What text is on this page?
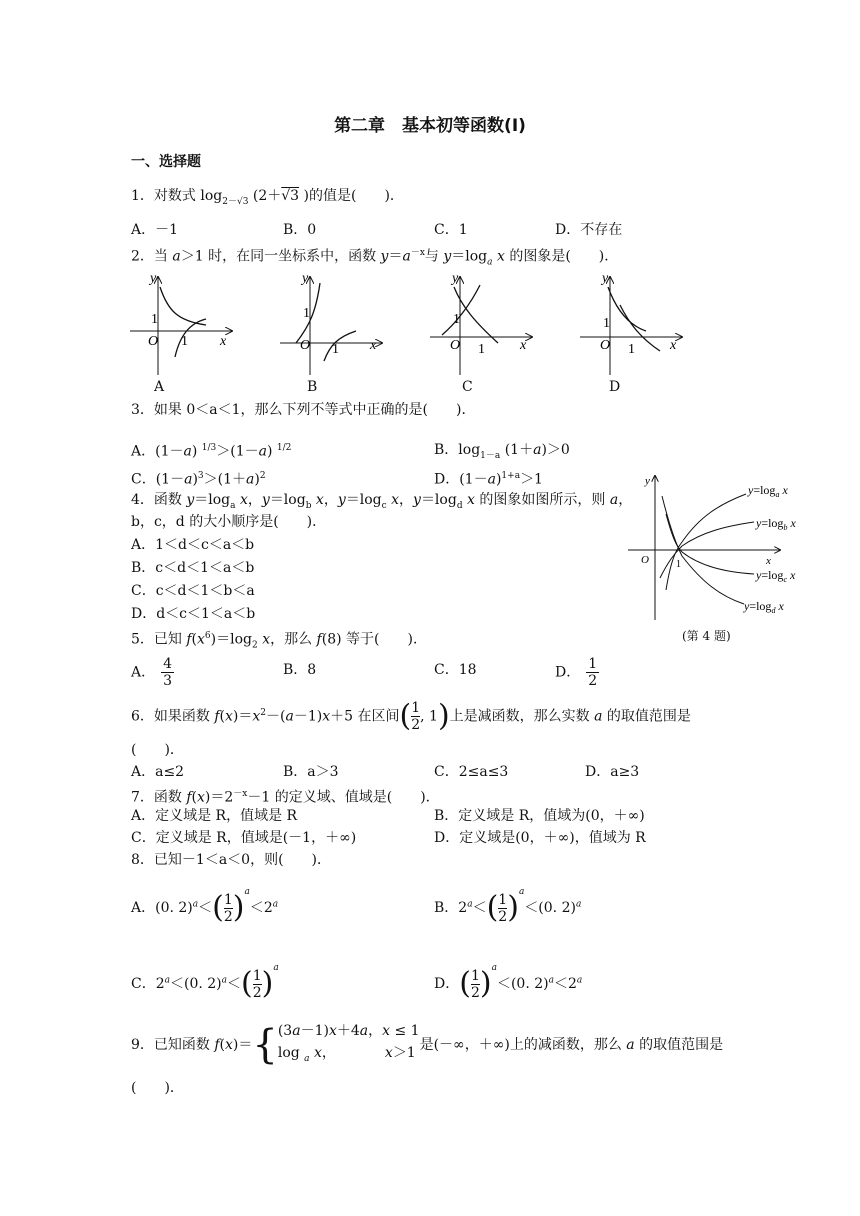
第二章　基本初等函数(Ⅰ)
一、选择题
1．对数式 $\log_{2-√3} (2+√3$ )的值是(　　)．
A．－1	B．0	C．1	D．不存在
2．当 a＞1 时，在同一坐标系中，函数 $y=a^{-x}$与 $y=\log_a$ x 的图象是(　　)．
y
x
O 1
1
y
x
O 1
1
y
x
O 1
1
y
x
O 1
1
A	B	C	D
3．如果 0＜a＜1，那么下列不等式中正确的是(　　)．
A．(1－a) $^{1/3}$＞(1－a) $^{1/2}$	B．$\log_{1-a} (1+a)>0$
C．$(1-a)^3>(1+a)^2$	D．$(1-a)^{1+a}>1$
4．函数 $y=\log_a$ x，$y=\log_b$ x，$y=\log_c$ x，$y=\log_d$ x 的图象如图所示，则 a，
b，c，d 的大小顺序是(　　)．
A．1＜d＜c＜a＜b
B．c＜d＜1＜a＜b
C．c＜d＜1＜b＜a
D．d＜c＜1＜a＜b
y
x
O	1
$y=\log_a$ x
$y=\log_b$ x
$y=\log_c$ x
$y=\log_d$ x
(第 4 题)
5．已知 $f(x^6)=\log_2$ x，那么 f(8) 等于(　　)．
A． $\frac{4}{3}$	B．8	C．18	D． $\frac{1}{2}$
6．如果函数 $f(x)=x^2-(a-1)x+5$ 在区间( $\frac{1}{2}$ , 1)上是减函数，那么实数 a 的取值范围是
(　　)．
A．a≤2	B．a＞3	C．2≤a≤3	D．a≥3
7．函数 $f(x)=2^{-x}-1$ 的定义域、值域是(　　)．
A．定义域是 R，值域是 R	B．定义域是 R，值域为(0，＋∞)
C．定义域是 R，值域是(－1，＋∞)	D．定义域是(0，＋∞)，值域为 R
8．已知－1＜a＜0，则(　　)．
A．(0. $2)^a<( \frac{1}{2} )^a<2^a$	B．$2^a<( \frac{1}{2} )^a<(0$. 2)$^a$
C．$2^a<(0$. $2)^a<( \frac{1}{2} )^a$
D．( $\frac{1}{2} )^a<(0$. $2)^a<2^a$
9．已知函数 f(x)＝{ (3a－1)x＋4a，x ≤ 1
log $_a$ x，　　　　x＞1
是(－∞，＋∞)上的减函数，那么 a 的取值范围是
(　　)．
